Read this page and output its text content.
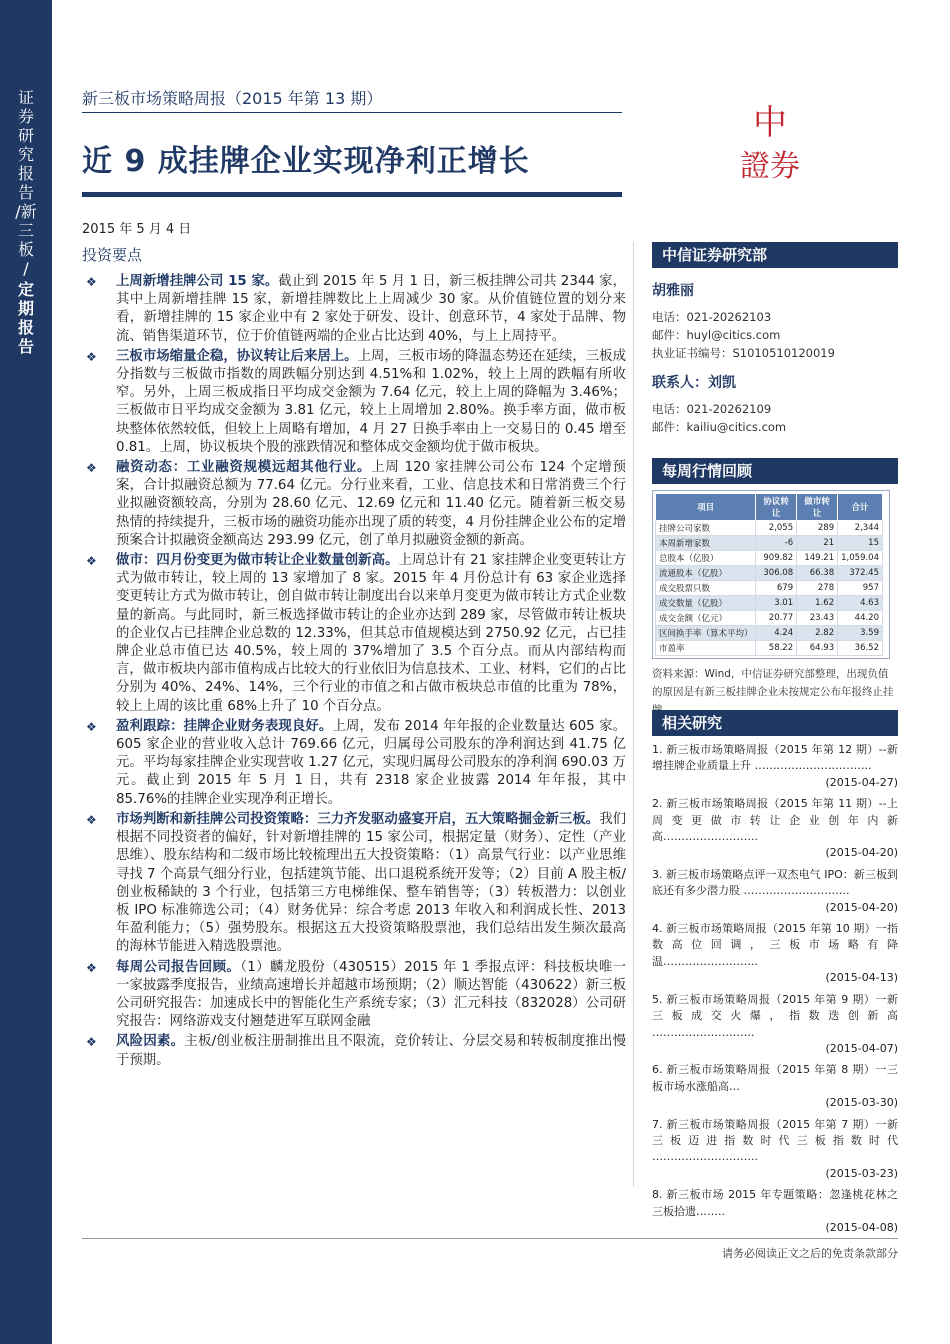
证券研究报告 /新三板 /
定期报告
新三板市场策略周报（2015 年第 13 期）
近 9 成挂牌企业实现净利正增长
中
證券
2015 年 5 月 4 日
投资要点
❖ 上周新增挂牌公司 15 家。截止到 2015 年 5 月 1 日，新三板挂牌公司共 2344 家，其中上周新增挂牌 15 家，新增挂牌数比上上周减少 30 家。从价值链位置的划分来看，新增挂牌的 15 家企业中有 2 家处于研发、设计、创意环节，4 家处于品牌、物流、销售渠道环节，位于价值链两端的企业占比达到 40%，与上上周持平。
❖ 三板市场缩量企稳，协议转让后来居上。上周，三板市场的降温态势还在延续，三板成分指数与三板做市指数的周跌幅分别达到 4.51%和 1.02%，较上上周的跌幅有所收窄。另外，上周三板成指日平均成交金额为 7.64 亿元，较上上周的降幅为 3.46%；三板做市日平均成交金额为 3.81 亿元，较上上周增加 2.80%。换手率方面，做市板块整体依然较低，但较上上周略有增加，4 月 27 日换手率由上一交易日的 0.45 增至 0.81。上周，协议板块个股的涨跌情况和整体成交金额均优于做市板块。
❖ 融资动态：工业融资规模远超其他行业。上周 120 家挂牌公司公布 124 个定增预案，合计拟融资总额为 77.64 亿元。分行业来看，工业、信息技术和日常消费三个行业拟融资额较高，分别为 28.60 亿元、12.69 亿元和 11.40 亿元。随着新三板交易热情的持续提升，三板市场的融资功能亦出现了质的转变，4 月份挂牌企业公布的定增预案合计拟融资金额高达 293.99 亿元，创了单月拟融资金额的新高。
❖ 做市：四月份变更为做市转让企业数量创新高。上周总计有 21 家挂牌企业变更转让方式为做市转让，较上周的 13 家增加了 8 家。2015 年 4 月份总计有 63 家企业选择变更转让方式为做市转让，创自做市转让制度出台以来单月变更为做市转让方式企业数量的新高。与此同时，新三板选择做市转让的企业亦达到 289 家，尽管做市转让板块的企业仅占已挂牌企业总数的 12.33%，但其总市值规模达到 2750.92 亿元，占已挂牌企业总市值已达 40.5%，较上周的 37%增加了 3.5 个百分点。而从内部结构而言，做市板块内部市值构成占比较大的行业依旧为信息技术、工业、材料，它们的占比分别为 40%、24%、14%，三个行业的市值之和占做市板块总市值的比重为 78%，较上上周的该比重 68%上升了 10 个百分点。
❖ 盈利跟踪：挂牌企业财务表现良好。上周，发布 2014 年年报的企业数量达 605 家。605 家企业的营业收入总计 769.66 亿元，归属母公司股东的净利润达到 41.75 亿元。平均每家挂牌企业实现营收 1.27 亿元，实现归属母公司股东的净利润 690.03 万元。截止到 2015 年 5 月 1 日，共有 2318 家企业披露 2014 年年报，其中 85.76%的挂牌企业实现净利正增长。
❖ 市场判断和新挂牌公司投资策略：三力齐发驱动盛宴开启，五大策略掘金新三板。我们根据不同投资者的偏好，针对新增挂牌的 15 家公司，根据定量（财务）、定性（产业思维）、股东结构和二级市场比较梳理出五大投资策略：（1）高景气行业：以产业思维寻找 7 个高景气细分行业，包括建筑节能、出口退税系统开发等；（2）目前 A 股主板/创业板稀缺的 3 个行业，包括第三方电梯维保、整车销售等；（3）转板潜力：以创业板 IPO 标准筛选公司；（4）财务优异：综合考虑 2013 年收入和利润成长性、2013 年盈利能力；（5）强势股东。根据这五大投资策略股票池，我们总结出发生频次最高的海林节能进入精选股票池。
❖ 每周公司报告回顾。（1）麟龙股份（430515）2015 年 1 季报点评：科技板块唯一一家披露季度报告，业绩高速增长并超越市场预期；（2）顺达智能（430622）新三板公司研究报告：加速成长中的智能化生产系统专家；（3）汇元科技（832028）公司研究报告：网络游戏支付翘楚进军互联网金融
❖ 风险因素。主板/创业板注册制推出且不限流，竞价转让、分层交易和转板制度推出慢于预期。
中信证券研究部
胡雅丽
电话：021-20262103
邮件：huyl@citics.com
执业证书编号：S1010510120019
联系人：刘凯
电话：021-20262109
邮件：kailiu@citics.com
每周行情回顾
项目	协议转让	做市转让	合计
挂牌公司家数	2,055	289	2,344
本周新增家数	-6	21	15
总股本（亿股）	909.82	149.21	1,059.04
流通股本（亿股）	306.08	66.38	372.45
成交股票只数	679	278	957
成交数量（亿股）	3.01	1.62	4.63
成交金额（亿元）	20.77	23.43	44.20
区间换手率（算术平均）	4.24	2.82	3.59
市盈率	58.22	64.93	36.52
资料来源：Wind，中信证券研究部整理，出现负值的原因是有新三板挂牌企业未按规定公布年报终止挂
相关研究
1. 新三板市场策略周报（2015 年第 12 期）--新增挂牌企业质量上升 …………………………..
(2015-04-27)
2. 新三板市场策略周报（2015 年第 11 期）--上周变更做市转让企业创年内新高……………………..
(2015-04-20)
3. 新三板市场策略点评一双杰电气 IPO：新三板到底还有多少潜力股 ………………………..
(2015-04-20)
4. 新三板市场策略周报（2015 年第 10 期）一指数高位回调，三板市场略有降温……………………..
(2015-04-13)
5. 新三板市场策略周报（2015 年第 9 期）一新三板成交火爆，指数迭创新高 ……………………….
(2015-04-07)
6. 新三板市场策略周报（2015 年第 8 期）一三板市场水涨船高…
(2015-03-30)
7. 新三板市场策略周报（2015 年第 7 期）一新三板迈进指数时代三板指数时代 ………………………..
(2015-03-23)
8. 新三板市场 2015 年专题策略：忽逢桃花林之三板拾遗……..
(2015-04-08)
请务必阅读正文之后的免责条款部分
